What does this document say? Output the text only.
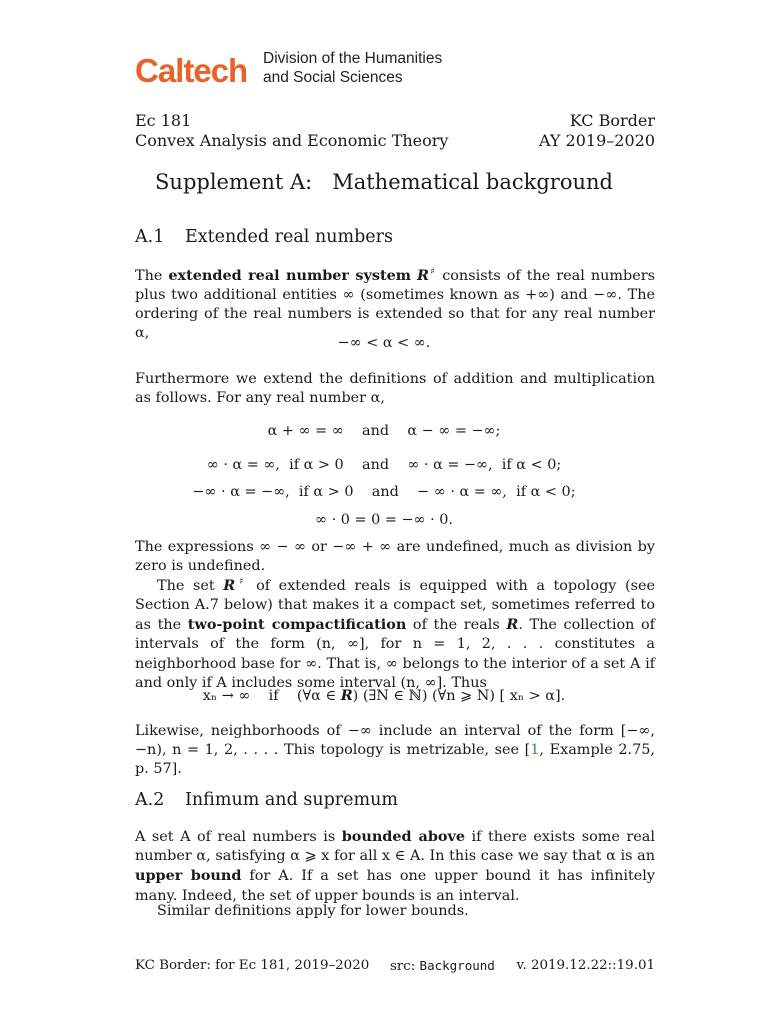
Caltech Division of the Humanities
and Social Sciences
Ec 181
Convex Analysis and Economic Theory
KC Border
AY 2019–2020
Supplement A:   Mathematical background
A.1 Extended real numbers
The extended real number system R♯ consists of the real numbers plus two additional entities ∞ (sometimes known as +∞) and −∞. The ordering of the real numbers is extended so that for any real number α,
−∞ < α < ∞.
Furthermore we extend the definitions of addition and multiplication as follows. For any real number α,
α + ∞ = ∞    and    α − ∞ = −∞;
∞ · α = ∞,  if α > 0    and    ∞ · α = −∞,  if α < 0;
−∞ · α = −∞,  if α > 0    and    − ∞ · α = ∞,  if α < 0;
∞ · 0 = 0 = −∞ · 0.
The expressions ∞ − ∞ or −∞ + ∞ are undefined, much as division by zero is undefined.
The set R♯ of extended reals is equipped with a topology (see Section A.7 below) that makes it a compact set, sometimes referred to as the two-point compactification of the reals R. The collection of intervals of the form (n, ∞], for n = 1, 2, . . . constitutes a neighborhood base for ∞. That is, ∞ belongs to the interior of a set A if and only if A includes some interval (n, ∞]. Thus
xₙ → ∞    if    (∀α ∈ R) (∃N ∈ ℕ) (∀n ⩾ N) [ xₙ > α].
Likewise, neighborhoods of −∞ include an interval of the form [−∞, −n), n = 1, 2, . . . . This topology is metrizable, see [1, Example 2.75, p. 57].
A.2 Infimum and supremum
A set A of real numbers is bounded above if there exists some real number α, satisfying α ⩾ x for all x ∈ A. In this case we say that α is an upper bound for A. If a set has one upper bound it has infinitely many. Indeed, the set of upper bounds is an interval.
Similar definitions apply for lower bounds.
KC Border: for Ec 181, 2019–2020 src: Background v. 2019.12.22::19.01
